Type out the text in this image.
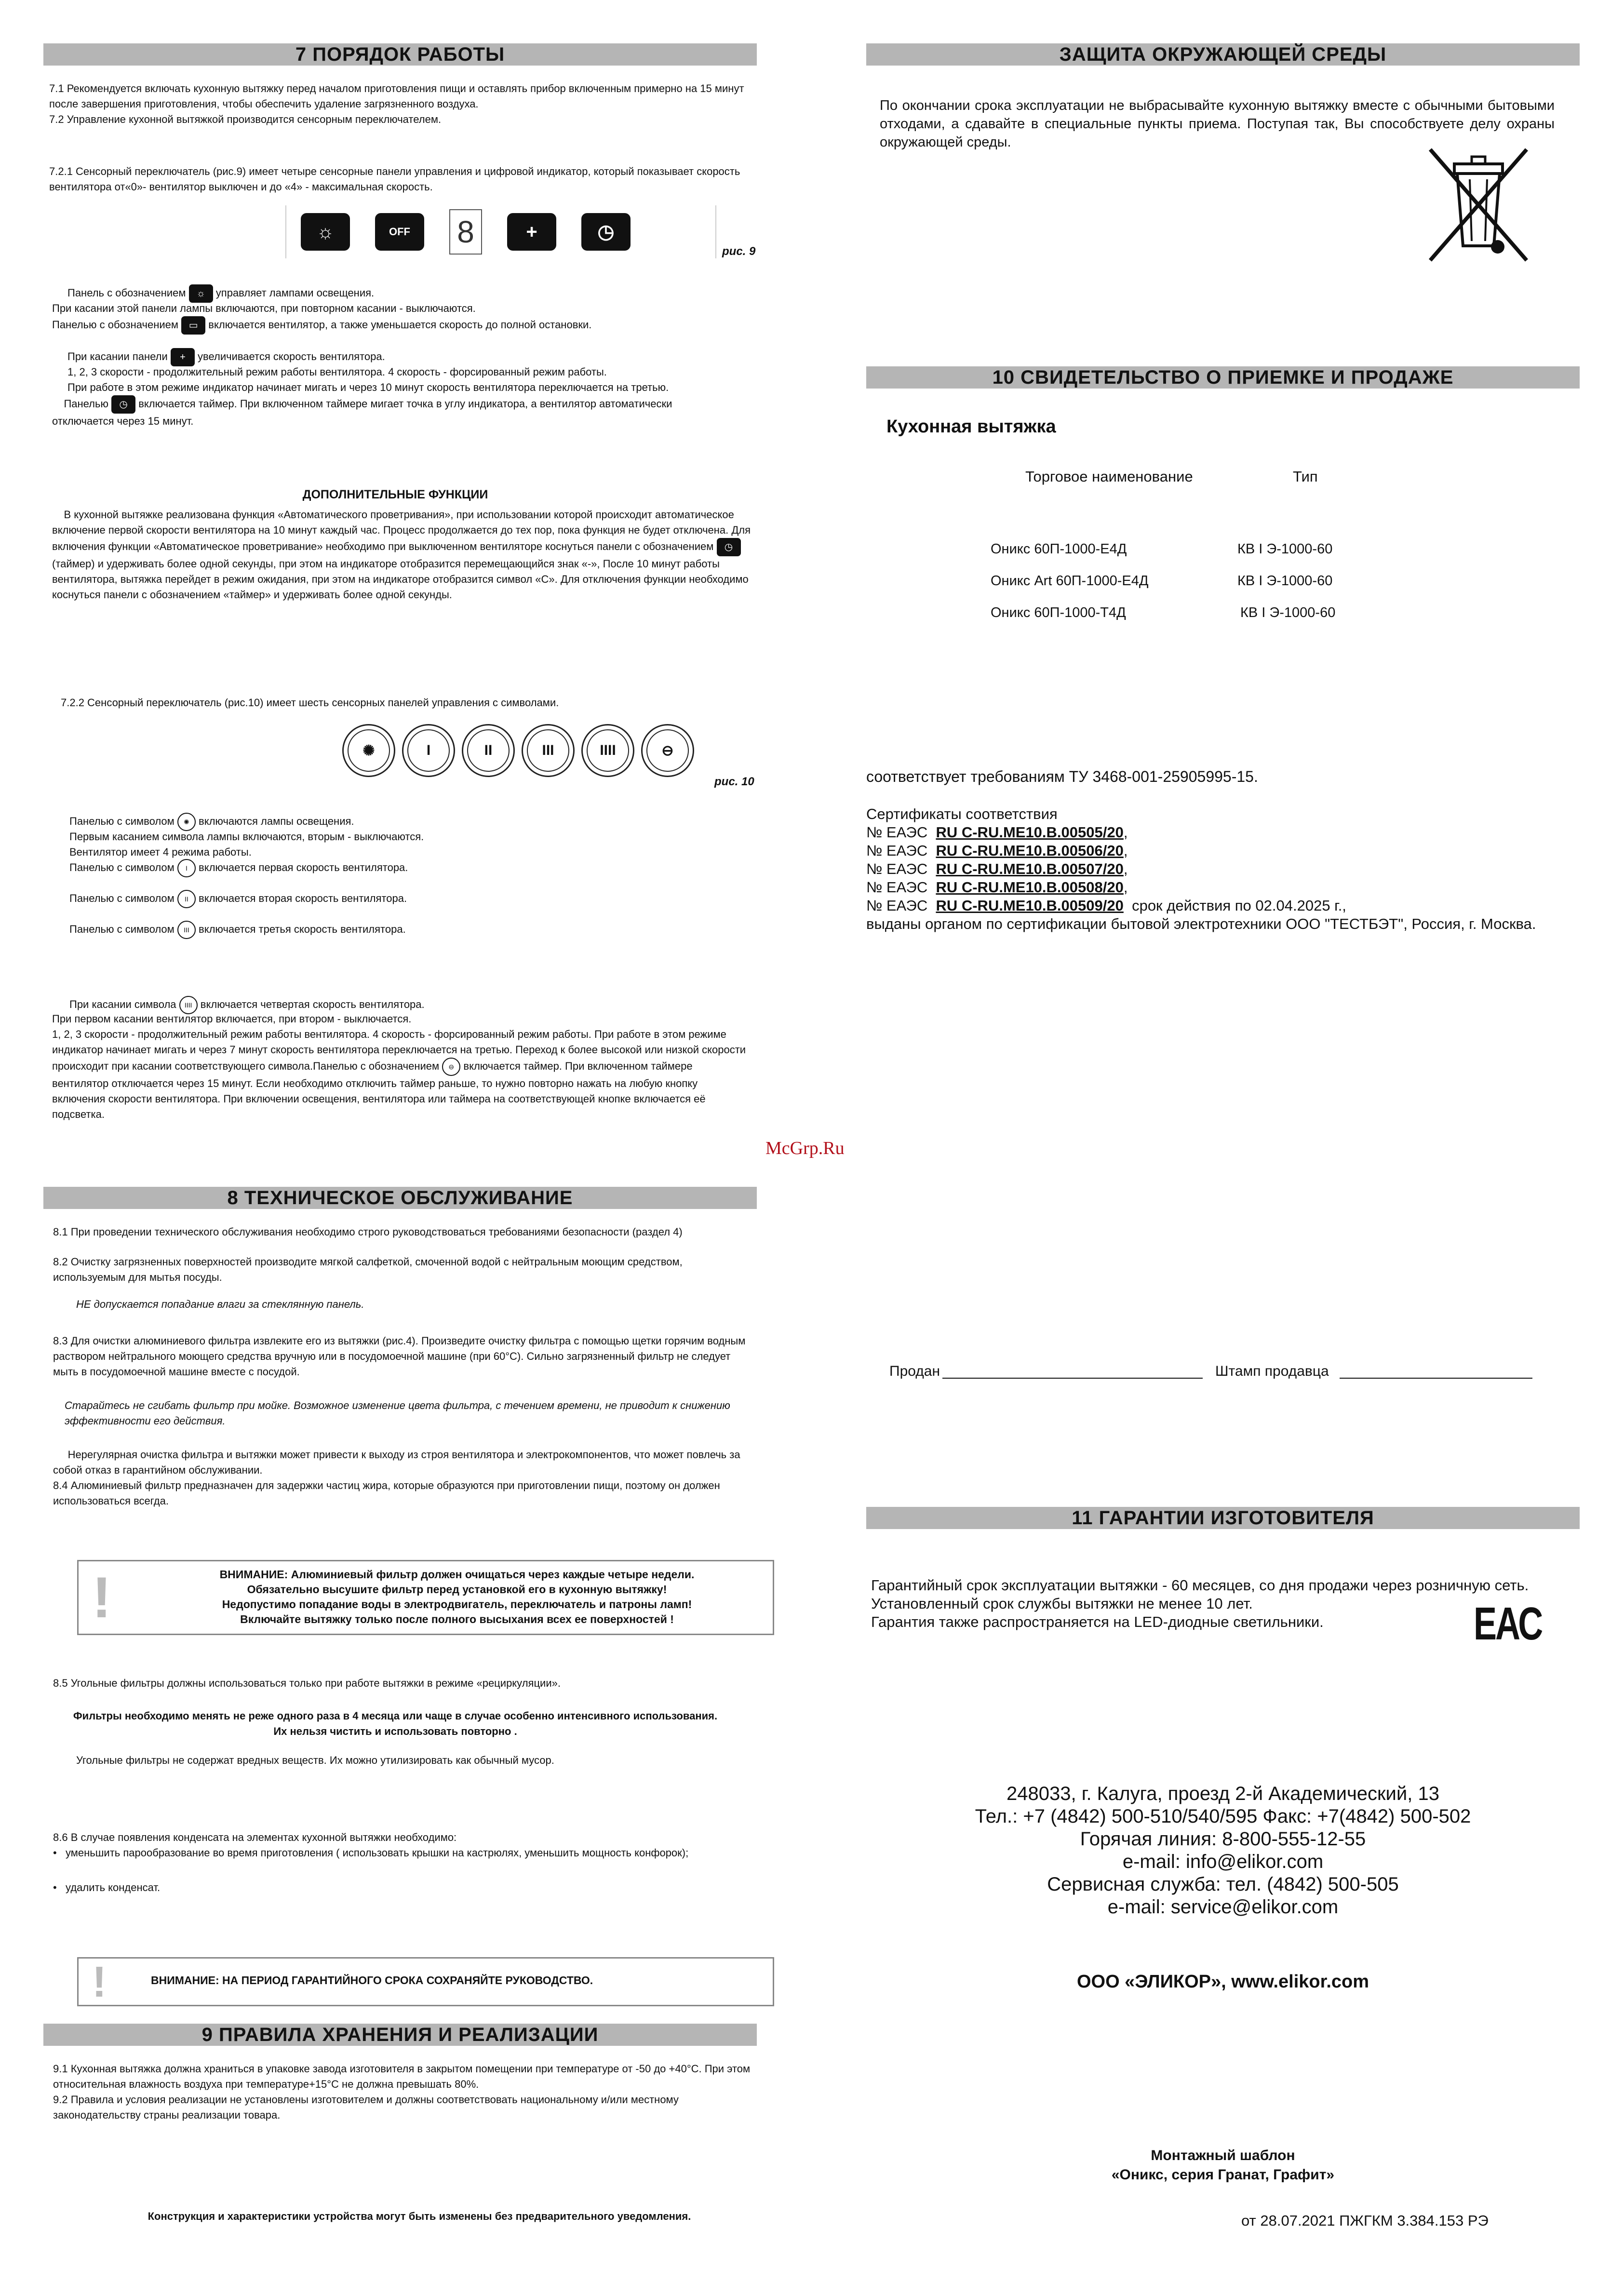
7 ПОРЯДОК РАБОТЫ
7.1 Рекомендуется включать кухонную вытяжку перед началом приготовления пищи и оставлять прибор включенным примерно на 15 минут после завершения приготовления, чтобы обеспечить удаление загрязненного воздуха.
7.2 Управление кухонной вытяжкой производится сенсорным переключателем.
7.2.1 Сенсорный переключатель (рис.9) имеет четыре сенсорные панели управления и цифровой индикатор, который показывает скорость вентилятора от«0»- вентилятор выключен и до «4» - максимальная скорость.
☼	OFF 8	+	◷
рис. 9
Панель с обозначением ☼ управляет лампами освещения.
При касании этой панели лампы включаются, при повторном касании - выключаются.
Панелью с обозначением ▭ включается вентилятор, а также уменьшается скорость до полной остановки.
При касании панели + увеличивается скорость вентилятора.
1, 2, 3 скорости - продолжительный режим работы вентилятора. 4 скорость - форсированный режим работы.
При работе в этом режиме индикатор начинает мигать и через 10 минут скорость вентилятора переключается на третью.
Панелью ◷ включается таймер. При включенном таймере мигает точка в углу индикатора, а вентилятор автоматически отключается через 15 минут.
ДОПОЛНИТЕЛЬНЫЕ ФУНКЦИИ
В кухонной вытяжке реализована функция «Автоматического проветривания», при использовании которой происходит автоматическое включение первой скорости вентилятора на 10 минут каждый час. Процесс продолжается до тех пор, пока функция не будет отключена. Для включения функции «Автоматическое проветривание» необходимо при выключенном вентиляторе коснуться панели с обозначением ◷ (таймер) и удерживать более одной секунды, при этом на индикаторе отобразится перемещающийся знак «-», После 10 минут работы вентилятора, вытяжка перейдет в режим ожидания, при этом на индикаторе отобразится символ «С». Для отключения функции необходимо коснуться панели с обозначением «таймер» и удерживать более одной секунды.
7.2.2 Сенсорный переключатель (рис.10) имеет шесть сенсорных панелей управления с символами.
✺	I	II	III	IIII	⊖
рис. 10
Панелью с символом ✺ включаются лампы освещения.
Первым касанием символа лампы включаются, вторым - выключаются.
Вентилятор имеет 4 режима работы.
Панелью с символом I включается первая скорость вентилятора.
Панелью с символом II включается вторая скорость вентилятора.
Панелью с символом III включается третья скорость вентилятора.
При касании символа IIII включается четвертая скорость вентилятора.
При первом касании вентилятор включается, при втором - выключается.
1, 2, 3 скорости - продолжительный режим работы вентилятора. 4 скорость - форсированный режим работы. При работе в этом режиме индикатор начинает мигать и через 7 минут скорость вентилятора переключается на третью. Переход к более высокой или низкой скорости происходит при касании соответствующего символа.Панелью с обозначением ⊖ включается таймер. При включенном таймере вентилятор отключается через 15 минут. Если необходимо отключить таймер раньше, то нужно повторно нажать на любую кнопку включения скорости вентилятора. При включении освещения, вентилятора или таймера на соответствующей кнопке включается её подсветка.
8 ТЕХНИЧЕСКОЕ ОБСЛУЖИВАНИЕ
8.1 При проведении технического обслуживания необходимо строго руководствоваться требованиями безопасности (раздел 4)
8.2 Очистку загрязненных поверхностей производите мягкой салфеткой, смоченной водой с нейтральным моющим средством, используемым для мытья посуды.
НЕ допускается попадание влаги за стеклянную панель.
8.3 Для очистки алюминиевого фильтра извлеките его из вытяжки (рис.4). Произведите очистку фильтра с помощью щетки горячим водным раствором нейтрального моющего средства вручную или в посудомоечной машине (при 60°С). Сильно загрязненный фильтр не следует мыть в посудомоечной машине вместе с посудой.
Старайтесь не сгибать фильтр при мойке. Возможное изменение цвета фильтра, с течением времени, не приводит к снижению эффективности его действия.
Нерегулярная очистка фильтра и вытяжки может привести к выходу из строя вентилятора и электрокомпонентов, что может повлечь за собой отказ в гарантийном обслуживании.
8.4 Алюминиевый фильтр предназначен для задержки частиц жира, которые образуются при приготовлении пищи, поэтому он должен использоваться всегда.
!	ВНИМАНИЕ: Алюминиевый фильтр должен очищаться через каждые четыре недели.
Обязательно высушите фильтр перед установкой его в кухонную вытяжку!
Недопустимо попадание воды в электродвигатель, переключатель и патроны ламп!
Включайте вытяжку только после полного высыхания всех ее поверхностей !
8.5 Угольные фильтры должны использоваться только при работе вытяжки в режиме «рециркуляции».
Фильтры необходимо менять не реже одного раза в 4 месяца или чаще в случае особенно интенсивного использования.
Их нельзя чистить и использовать повторно .
Угольные фильтры не содержат вредных веществ. Их можно утилизировать как обычный мусор.
8.6 В случае появления конденсата на элементах кухонной вытяжки необходимо:
•   уменьшить парообразование во время приготовления ( использовать крышки на кастрюлях, уменьшить мощность конфорок);
•   удалить конденсат.
!	ВНИМАНИЕ: НА ПЕРИОД ГАРАНТИЙНОГО СРОКА СОХРАНЯЙТЕ РУКОВОДСТВО.
9 ПРАВИЛА ХРАНЕНИЯ И РЕАЛИЗАЦИИ
9.1 Кухонная вытяжка должна храниться в упаковке завода изготовителя в закрытом помещении при температуре от -50 до +40°С. При этом относительная влажность воздуха при температуре+15°С не должна превышать 80%.
9.2 Правила и условия реализации не установлены изготовителем и должны соответствовать национальному и/или местному законодательству страны реализации товара.
Конструкция и характеристики устройства могут быть изменены без предварительного уведомления.
McGrp.Ru
ЗАЩИТА ОКРУЖАЮЩЕЙ СРЕДЫ
По окончании срока эксплуатации не выбрасывайте кухонную вытяжку вместе с обычными бытовыми отходами, а сдавайте в специальные пункты приема. Поступая так, Вы способствуете делу охраны окружающей среды.
10 СВИДЕТЕЛЬСТВО О ПРИЕМКЕ И ПРОДАЖЕ
Кухонная вытяжка
Торговое наименование	Тип
Оникс 60П-1000-Е4Д	КВ I Э-1000-60
Оникс Art 60П-1000-Е4Д	КВ I Э-1000-60
Оникс 60П-1000-Т4Д	КВ I Э-1000-60
соответствует требованиям ТУ 3468-001-25905995-15.
Сертификаты соответствия
№ ЕАЭС RU С-RU.МЕ10.В.00505/20,
№ ЕАЭС RU С-RU.МЕ10.В.00506/20,
№ ЕАЭС RU С-RU.МЕ10.В.00507/20,
№ ЕАЭС RU С-RU.МЕ10.В.00508/20,
№ ЕАЭС RU С-RU.МЕ10.В.00509/20 срок действия по 02.04.2025 г.,
выданы органом по сертификации бытовой электротехники ООО "ТЕСТБЭТ", Россия, г. Москва.
Продан	Штамп продавца
11 ГАРАНТИИ ИЗГОТОВИТЕЛЯ
Гарантийный срок эксплуатации вытяжки - 60 месяцев, со дня продажи через розничную сеть.
Установленный срок службы вытяжки не менее 10 лет.
Гарантия также распространяется на LED-диодные светильники.	ЕАС
248033, г. Калуга, проезд 2-й Академический, 13
Тел.: +7 (4842) 500-510/540/595 Факс: +7(4842) 500-502
Горячая линия: 8-800-555-12-55
e-mail: info@elikor.com
Сервисная служба: тел. (4842) 500-505
e-mail: service@elikor.com
ООО «ЭЛИКОР», www.elikor.com
Монтажный шаблон
«Оникс, серия Гранат, Графит»
от 28.07.2021 ПЖГКМ 3.384.153 РЭ
